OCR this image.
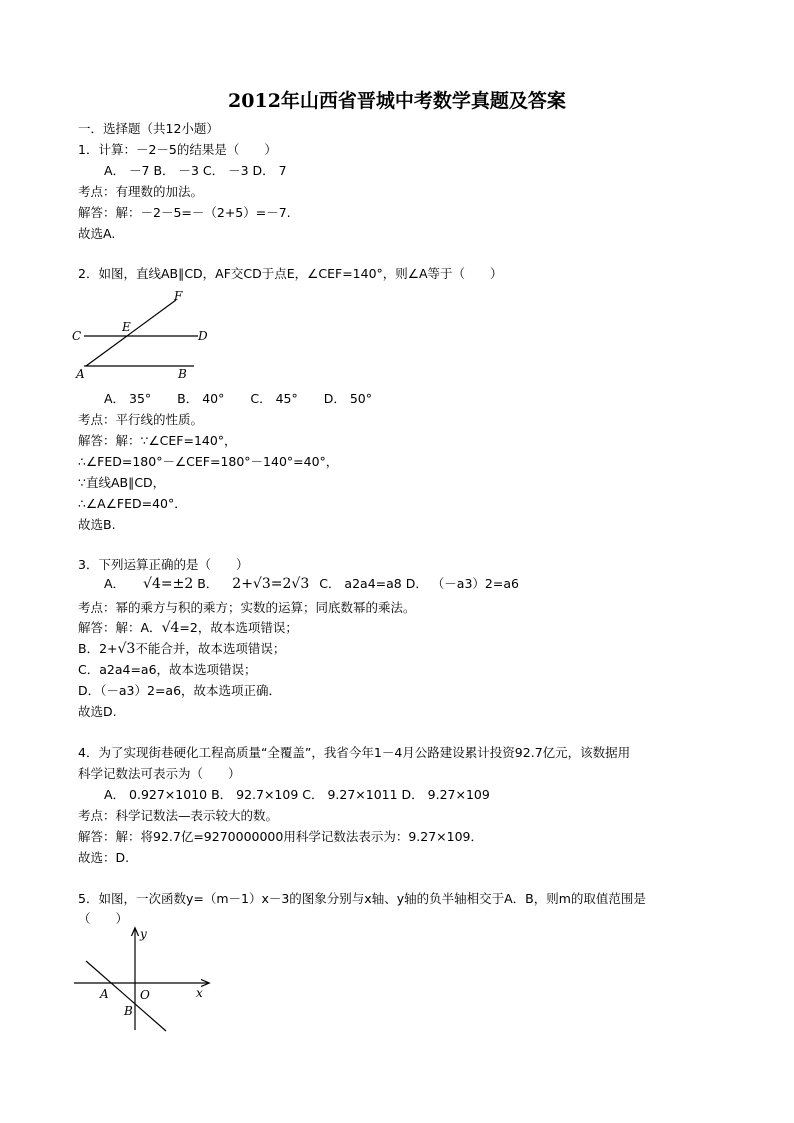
2012年山西省晋城中考数学真题及答案
一．选择题（共12小题）
1．计算：－2－5的结果是（　　）
A． －7 B． －3 C． －3 D． 7
考点：有理数的加法。
解答：解：－2－5=－（2+5）=－7.
故选A.
2．如图，直线AB∥CD，AF交CD于点E，∠CEF=140°，则∠A等于（　　）
F
C
E
D
A	B
A． 35° B． 40° C． 45° D． 50°
考点：平行线的性质。
解答：解：∵∠CEF=140°，
∴∠FED=180°－∠CEF=180°－140°=40°，
∵直线AB∥CD，
∴∠A∠FED=40°．
故选B.
3．下列运算正确的是（　　）
A． √4=±2 B． 2+√3=2√3 C． a2a4=a8 D． （－a3）2=a6
考点：幂的乘方与积的乘方；实数的运算；同底数幂的乘法。
解答：解：A．√4=2，故本选项错误；
B．2+√3不能合并，故本选项错误；
C．a2a4=a6，故本选项错误；
D．（－a3）2=a6，故本选项正确．
故选D.
4．为了实现街巷硬化工程高质量“全覆盖”，我省今年1－4月公路建设累计投资92.7亿元，该数据用
科学记数法可表示为（　　）
A． 0.927×1010 B． 92.7×109 C． 9.27×1011 D． 9.27×109
考点：科学记数法—表示较大的数。
解答：解：将92.7亿=9270000000用科学记数法表示为：9.27×109．
故选：D.
5．如图，一次函数y=（m－1）x－3的图象分别与x轴、y轴的负半轴相交于A．B，则m的取值范围是
（　　）
y
A	O	x
B
